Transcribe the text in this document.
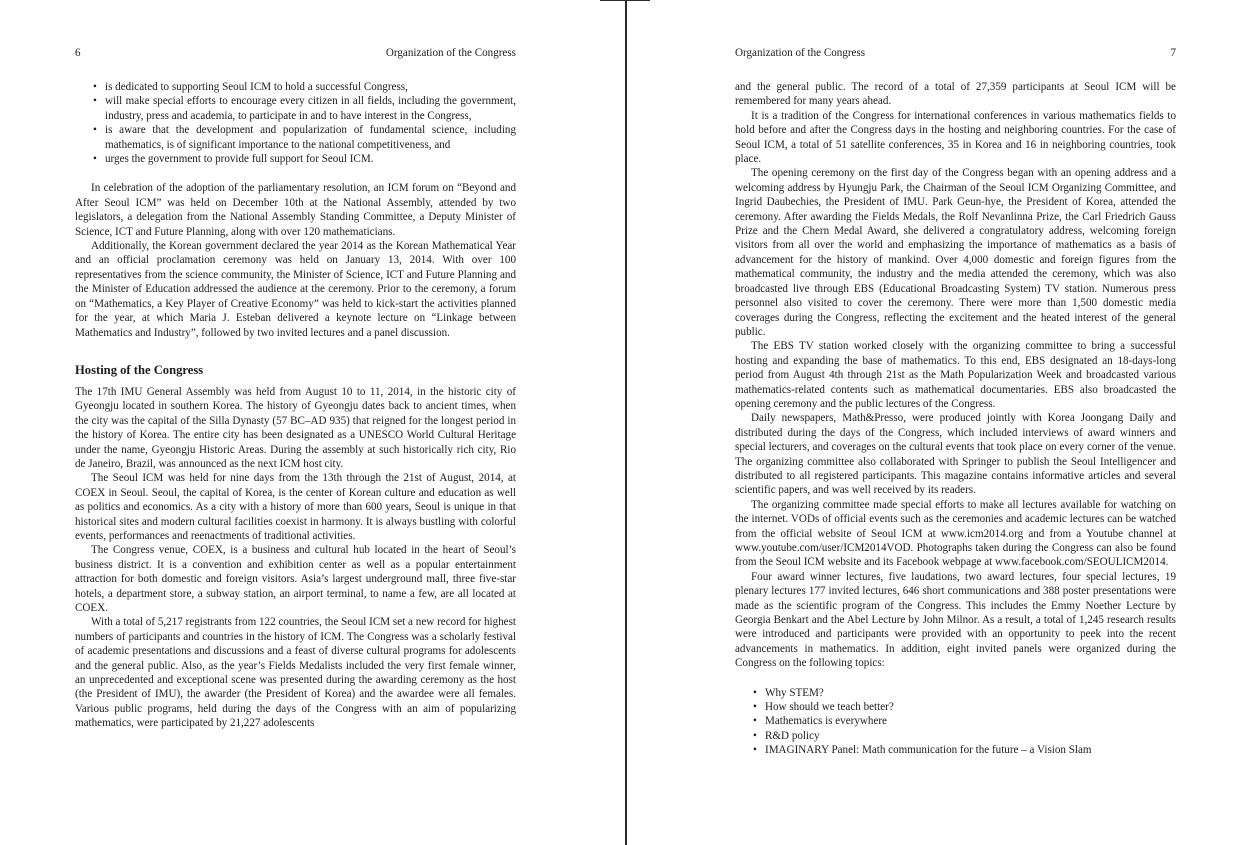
6	Organization of the Congress
• is dedicated to supporting Seoul ICM to hold a successful Congress,
• will make special efforts to encourage every citizen in all fields, including the government, industry, press and academia, to participate in and to have interest in the Congress,
• is aware that the development and popularization of fundamental science, including mathematics, is of significant importance to the national competitiveness, and
• urges the government to provide full support for Seoul ICM.

In celebration of the adoption of the parliamentary resolution, an ICM forum on “Beyond and After Seoul ICM” was held on December 10th at the National Assembly, attended by two legislators, a delegation from the National Assembly Standing Committee, a Deputy Minister of Science, ICT and Future Planning, along with over 120 mathematicians.

Additionally, the Korean government declared the year 2014 as the Korean Mathematical Year and an official proclamation ceremony was held on January 13, 2014. With over 100 representatives from the science community, the Minister of Science, ICT and Future Planning and the Minister of Education addressed the audience at the ceremony. Prior to the ceremony, a forum on “Mathematics, a Key Player of Creative Economy” was held to kick-start the activities planned for the year, at which Maria J. Esteban delivered a keynote lecture on “Linkage between Mathematics and Industry”, followed by two invited lectures and a panel discussion.

Hosting of the Congress

The 17th IMU General Assembly was held from August 10 to 11, 2014, in the historic city of Gyeongju located in southern Korea. The history of Gyeongju dates back to ancient times, when the city was the capital of the Silla Dynasty (57 BC–AD 935) that reigned for the longest period in the history of Korea. The entire city has been designated as a UNESCO World Cultural Heritage under the name, Gyeongju Historic Areas. During the assembly at such historically rich city, Rio de Janeiro, Brazil, was announced as the next ICM host city.

The Seoul ICM was held for nine days from the 13th through the 21st of August, 2014, at COEX in Seoul. Seoul, the capital of Korea, is the center of Korean culture and education as well as politics and economics. As a city with a history of more than 600 years, Seoul is unique in that historical sites and modern cultural facilities coexist in harmony. It is always bustling with colorful events, performances and reenactments of traditional activities.

The Congress venue, COEX, is a business and cultural hub located in the heart of Seoul’s business district. It is a convention and exhibition center as well as a popular entertainment attraction for both domestic and foreign visitors. Asia’s largest underground mall, three five-star hotels, a department store, a subway station, an airport terminal, to name a few, are all located at COEX.

With a total of 5,217 registrants from 122 countries, the Seoul ICM set a new record for highest numbers of participants and countries in the history of ICM. The Congress was a scholarly festival of academic presentations and discussions and a feast of diverse cultural programs for adolescents and the general public. Also, as the year’s Fields Medalists included the very first female winner, an unprecedented and exceptional scene was presented during the awarding ceremony as the host (the President of IMU), the awarder (the President of Korea) and the awardee were all females. Various public programs, held during the days of the Congress with an aim of popularizing mathematics, were participated by 21,227 adolescents

Organization of the Congress	7

and the general public. The record of a total of 27,359 participants at Seoul ICM will be remembered for many years ahead.

It is a tradition of the Congress for international conferences in various mathematics fields to hold before and after the Congress days in the hosting and neighboring countries. For the case of Seoul ICM, a total of 51 satellite conferences, 35 in Korea and 16 in neighboring countries, took place.

The opening ceremony on the first day of the Congress began with an opening address and a welcoming address by Hyungju Park, the Chairman of the Seoul ICM Organizing Committee, and Ingrid Daubechies, the President of IMU. Park Geun-hye, the President of Korea, attended the ceremony. After awarding the Fields Medals, the Rolf Nevanlinna Prize, the Carl Friedrich Gauss Prize and the Chern Medal Award, she delivered a congratulatory address, welcoming foreign visitors from all over the world and emphasizing the importance of mathematics as a basis of advancement for the history of mankind. Over 4,000 domestic and foreign figures from the mathematical community, the industry and the media attended the ceremony, which was also broadcasted live through EBS (Educational Broadcasting System) TV station. Numerous press personnel also visited to cover the ceremony. There were more than 1,500 domestic media coverages during the Congress, reflecting the excitement and the heated interest of the general public.

The EBS TV station worked closely with the organizing committee to bring a successful hosting and expanding the base of mathematics. To this end, EBS designated an 18-days-long period from August 4th through 21st as the Math Popularization Week and broadcasted various mathematics-related contents such as mathematical documentaries. EBS also broadcasted the opening ceremony and the public lectures of the Congress.

Daily newspapers, Math&Presso, were produced jointly with Korea Joongang Daily and distributed during the days of the Congress, which included interviews of award winners and special lecturers, and coverages on the cultural events that took place on every corner of the venue. The organizing committee also collaborated with Springer to publish the Seoul Intelligencer and distributed to all registered participants. This magazine contains informative articles and several scientific papers, and was well received by its readers.

The organizing committee made special efforts to make all lectures available for watching on the internet. VODs of official events such as the ceremonies and academic lectures can be watched from the official website of Seoul ICM at www.icm2014.org and from a Youtube channel at www.youtube.com/user/ICM2014VOD. Photographs taken during the Congress can also be found from the Seoul ICM website and its Facebook webpage at www.facebook.com/SEOULICM2014.

Four award winner lectures, five laudations, two award lectures, four special lectures, 19 plenary lectures 177 invited lectures, 646 short communications and 388 poster presentations were made as the scientific program of the Congress. This includes the Emmy Noether Lecture by Georgia Benkart and the Abel Lecture by John Milnor. As a result, a total of 1,245 research results were introduced and participants were provided with an opportunity to peek into the recent advancements in mathematics. In addition, eight invited panels were organized during the Congress on the following topics:

• Why STEM?
• How should we teach better?
• Mathematics is everywhere
• R&D policy
• IMAGINARY Panel: Math communication for the future – a Vision Slam
